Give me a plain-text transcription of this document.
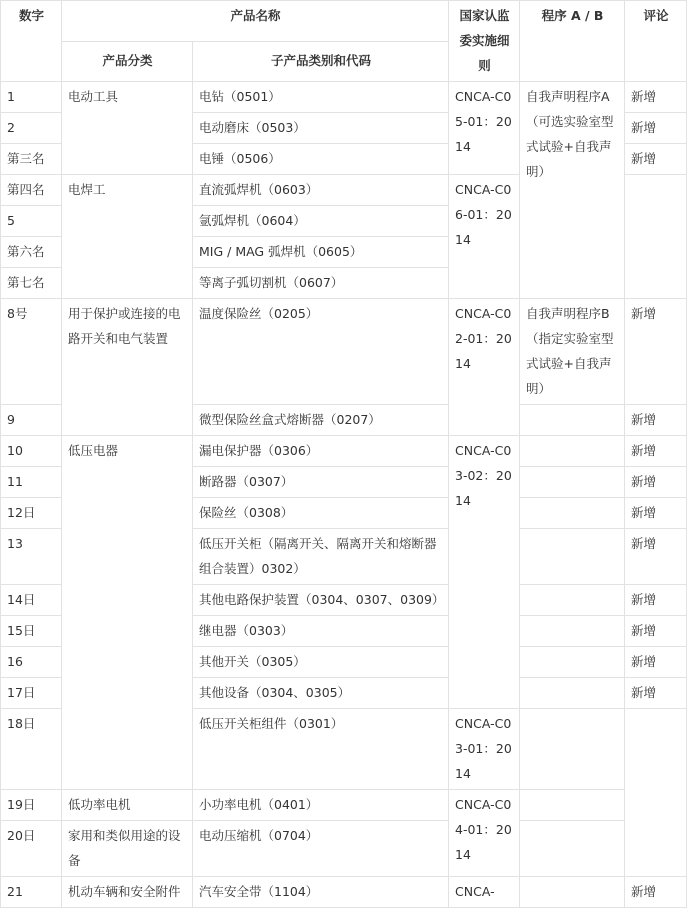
数字	产品名称		国家认监委实施细则	程序 A / B	评论
	产品分类	子产品类别和代码			
1	电动工具	电钻（0501）	CNCA-C05-01：2014	自我声明程序A（可选实验室型式试验+自我声明）	新增
2		电动磨床（0503）			新增
第三名		电锤（0506）			新增
第四名	电焊工	直流弧焊机（0603）	CNCA-C06-01：2014		
5		氩弧焊机（0604）			
第六名		MIG / MAG 弧焊机（0605）			
第七名		等离子弧切割机（0607）			
8号	用于保护或连接的电路开关和电气装置	温度保险丝（0205）	CNCA-C02-01：2014	自我声明程序B（指定实验室型式试验+自我声明）	新增
9		微型保险丝盒式熔断器（0207）			新增
10	低压电器	漏电保护器（0306）	CNCA-C03-02：2014		新增
11		断路器（0307）			新增
12日		保险丝（0308）			新增
13		低压开关柜（隔离开关、隔离开关和熔断器组合装置）0302）			新增
14日		其他电路保护装置（0304、0307、0309）			新增
15日		继电器（0303）			新增
16		其他开关（0305）			新增
17日		其他设备（0304、0305）			新增
18日		低压开关柜组件（0301）	CNCA-C03-01：2014		
19日	低功率电机	小功率电机（0401）	CNCA-C04-01：2014		
20日	家用和类似用途的设备	电动压缩机（0704）			
21	机动车辆和安全附件	汽车安全带（1104）	CNCA-		新增
